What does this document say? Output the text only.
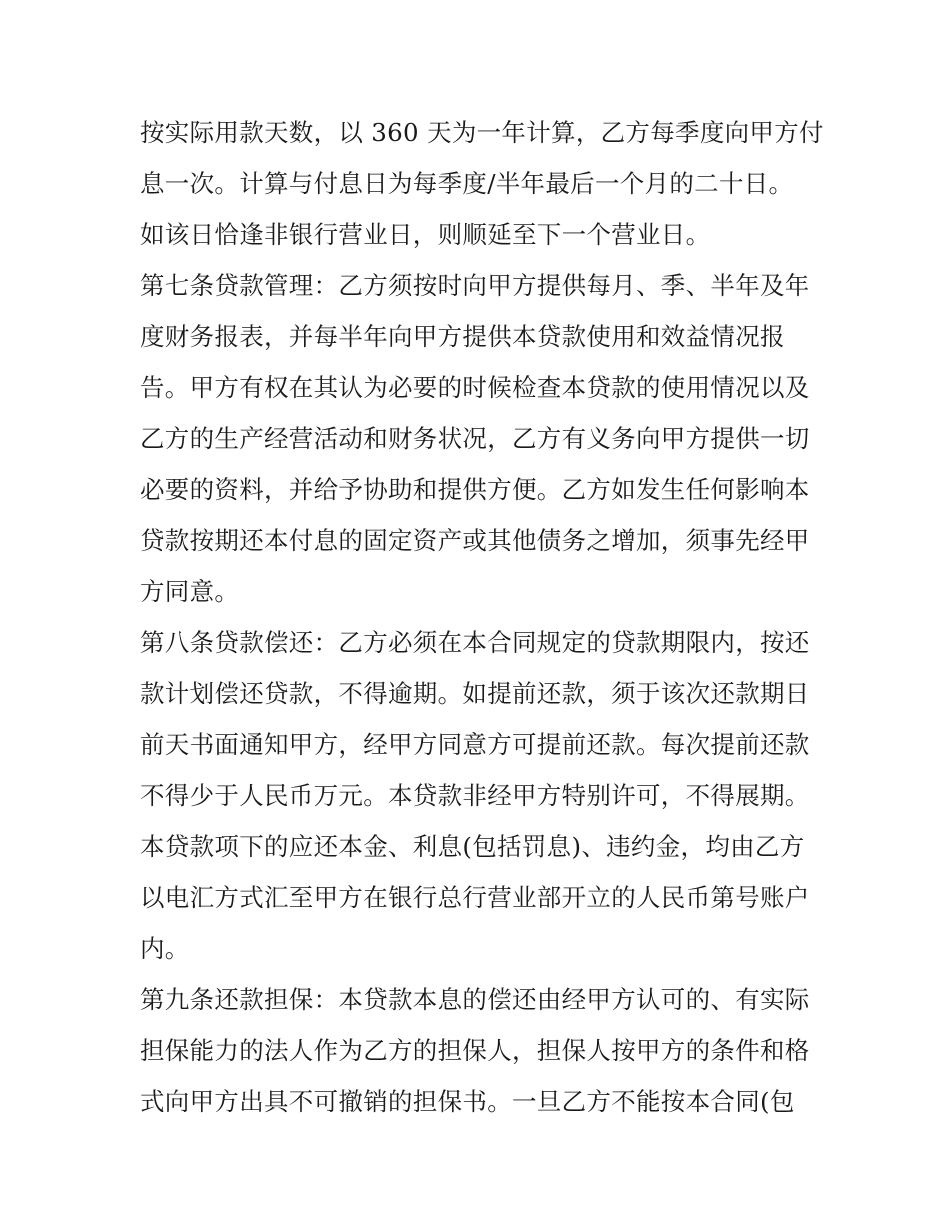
按实际用款天数，以 360 天为一年计算，乙方每季度向甲方付
息一次。计算与付息日为每季度/半年最后一个月的二十日。
如该日恰逢非银行营业日，则顺延至下一个营业日。
第七条贷款管理：乙方须按时向甲方提供每月、季、半年及年
度财务报表，并每半年向甲方提供本贷款使用和效益情况报
告。甲方有权在其认为必要的时候检查本贷款的使用情况以及
乙方的生产经营活动和财务状况，乙方有义务向甲方提供一切
必要的资料，并给予协助和提供方便。乙方如发生任何影响本
贷款按期还本付息的固定资产或其他债务之增加，须事先经甲
方同意。
第八条贷款偿还：乙方必须在本合同规定的贷款期限内，按还
款计划偿还贷款，不得逾期。如提前还款，须于该次还款期日
前天书面通知甲方，经甲方同意方可提前还款。每次提前还款
不得少于人民币万元。本贷款非经甲方特别许可，不得展期。
本贷款项下的应还本金、利息(包括罚息)、违约金，均由乙方
以电汇方式汇至甲方在银行总行营业部开立的人民币第号账户
内。
第九条还款担保：本贷款本息的偿还由经甲方认可的、有实际
担保能力的法人作为乙方的担保人，担保人按甲方的条件和格
式向甲方出具不可撤销的担保书。一旦乙方不能按本合同(包
